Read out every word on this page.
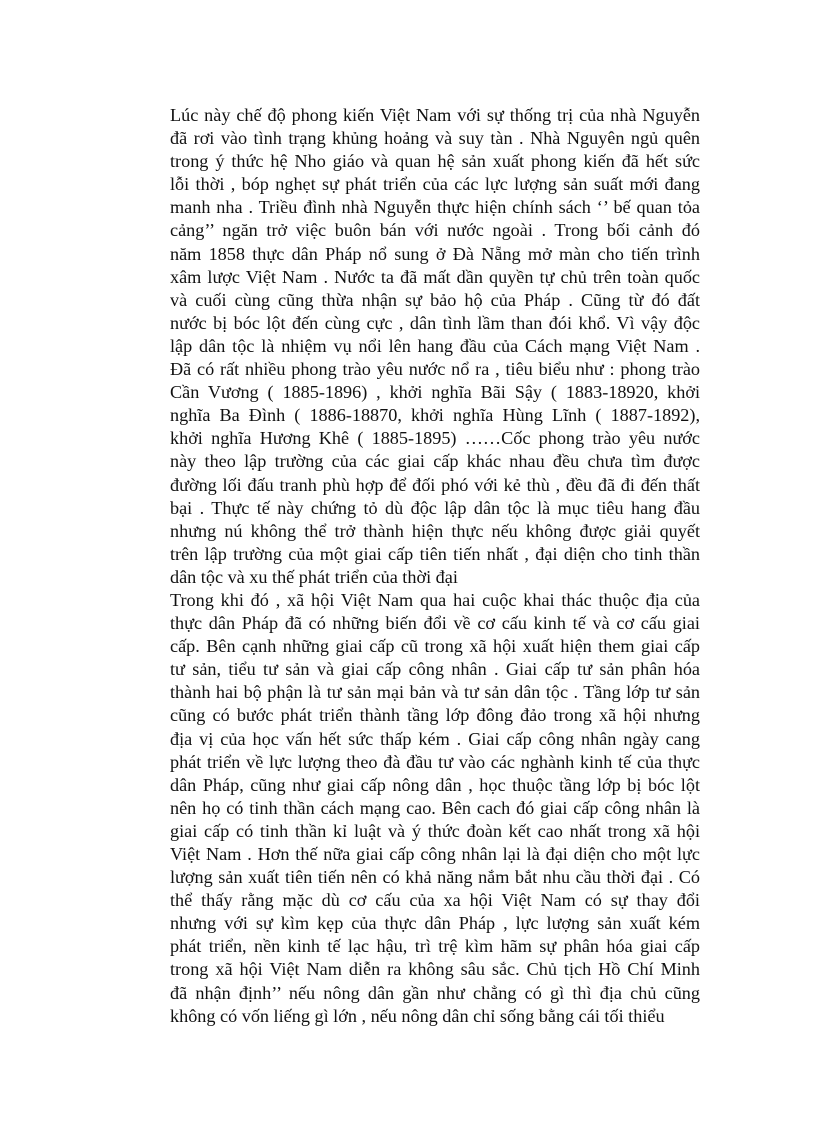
Lúc này chế độ phong kiến Việt Nam với sự thống trị của nhà Nguyễn
đã rơi vào tình trạng khủng hoảng và suy tàn . Nhà Nguyên ngủ quên
trong ý thức hệ Nho giáo và quan hệ sản xuất phong kiến đã hết sức
lỗi thời , bóp nghẹt sự phát triển của các lực lượng sản suất mới đang
manh nha . Triều đình nhà Nguyễn thực hiện chính sách ‘’ bế quan tỏa
cảng’’ ngăn trở việc buôn bán với nước ngoài . Trong bối cảnh đó
năm 1858 thực dân Pháp nổ sung ở Đà Nẵng mở màn cho tiến trình
xâm lược Việt Nam . Nước ta đã mất dần quyền tự chủ trên toàn quốc
và cuối cùng cũng thừa nhận sự bảo hộ của Pháp . Cũng từ đó đất
nước bị bóc lột đến cùng cực , dân tình lầm than đói khổ. Vì vậy độc
lập dân tộc là nhiệm vụ nổi lên hang đầu của Cách mạng Việt Nam .
Đã có rất nhiều phong trào yêu nước nổ ra , tiêu biểu như : phong trào
Cần Vương ( 1885-1896) , khởi nghĩa Bãi Sậy ( 1883-18920, khởi
nghĩa Ba Đình ( 1886-18870, khởi nghĩa Hùng Lĩnh ( 1887-1892),
khởi nghĩa Hương Khê ( 1885-1895) ……Cốc phong trào yêu nước
này theo lập trường của các giai cấp khác nhau đều chưa tìm được
đường lối đấu tranh phù hợp để đối phó với kẻ thù , đều đã đi đến thất
bại . Thực tế này chứng tỏ dù độc lập dân tộc là mục tiêu hang đầu
nhưng nú không thể trở thành hiện thực nếu không được giải quyết
trên lập trường của một giai cấp tiên tiến nhất , đại diện cho tinh thần
dân tộc và xu thế phát triển của thời đại
Trong khi đó , xã hội Việt Nam qua hai cuộc khai thác thuộc địa của
thực dân Pháp đã có những biến đổi về cơ cấu kinh tế và cơ cấu giai
cấp. Bên cạnh những giai cấp cũ trong xã hội xuất hiện them giai cấp
tư sản, tiểu tư sản và giai cấp công nhân . Giai cấp tư sản phân hóa
thành hai bộ phận là tư sản mại bản và tư sản dân tộc . Tầng lớp tư sản
cũng có bước phát triển thành tầng lớp đông đảo trong xã hội nhưng
địa vị của học vấn hết sức thấp kém . Giai cấp công nhân ngày cang
phát triển về lực lượng theo đà đầu tư vào các nghành kinh tế của thực
dân Pháp, cũng như giai cấp nông dân , học thuộc tầng lớp bị bóc lột
nên họ có tinh thần cách mạng cao. Bên cach đó giai cấp công nhân là
giai cấp có tinh thần kỉ luật và ý thức đoàn kết cao nhất trong xã hội
Việt Nam . Hơn thế nữa giai cấp công nhân lại là đại diện cho một lực
lượng sản xuất tiên tiến nên có khả năng nắm bắt nhu cầu thời đại . Có
thể thấy rằng mặc dù cơ cấu của xa hội Việt Nam có sự thay đổi
nhưng với sự kìm kẹp của thực dân Pháp , lực lượng sản xuất kém
phát triển, nền kinh tế lạc hậu, trì trệ kìm hãm sự phân hóa giai cấp
trong xã hội Việt Nam diễn ra không sâu sắc. Chủ tịch Hồ Chí Minh
đã nhận định’’ nếu nông dân gần như chẳng có gì thì địa chủ cũng
không có vốn liếng gì lớn , nếu nông dân chỉ sống bằng cái tối thiểu
